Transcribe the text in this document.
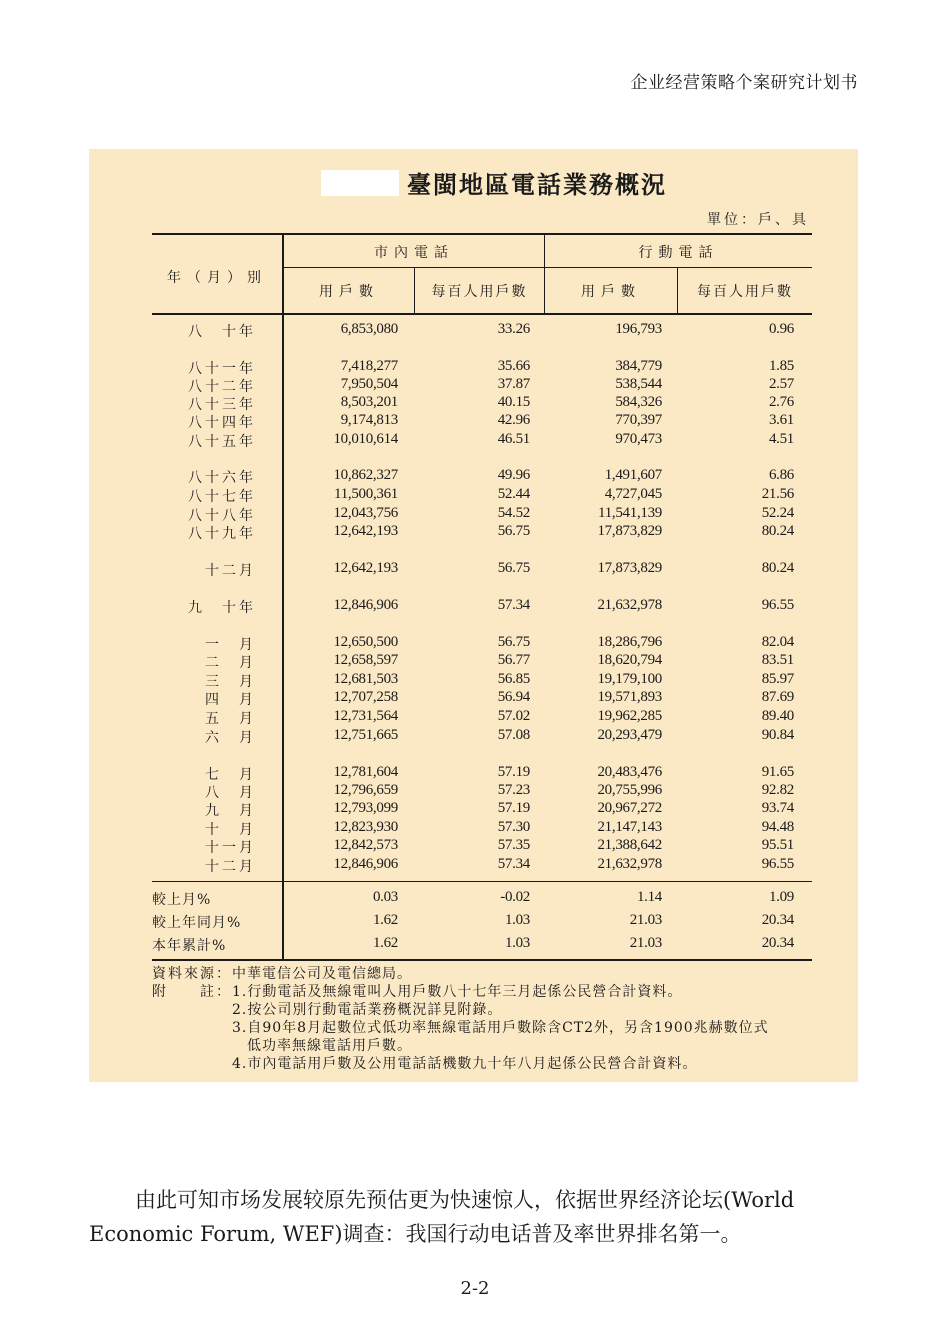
企业经营策略个案研究计划书
臺閩地區電話業務概況
單位：戶、具
年（月）別
市內電話	行動電話
用戶數	每百人用戶數	用戶數	每百人用戶數
八　十年	6,853,080	33.26	196,793	0.96
八十一年	7,418,277	35.66	384,779	1.85
八十二年	7,950,504	37.87	538,544	2.57
八十三年	8,503,201	40.15	584,326	2.76
八十四年	9,174,813	42.96	770,397	3.61
八十五年	10,010,614	46.51	970,473	4.51
八十六年	10,862,327	49.96	1,491,607	6.86
八十七年	11,500,361	52.44	4,727,045	21.56
八十八年	12,043,756	54.52	11,541,139	52.24
八十九年	12,642,193	56.75	17,873,829	80.24
十二月	12,642,193	56.75	17,873,829	80.24
九　十年	12,846,906	57.34	21,632,978	96.55
一　月	12,650,500	56.75	18,286,796	82.04
二　月	12,658,597	56.77	18,620,794	83.51
三　月	12,681,503	56.85	19,179,100	85.97
四　月	12,707,258	56.94	19,571,893	87.69
五　月	12,731,564	57.02	19,962,285	89.40
六　月	12,751,665	57.08	20,293,479	90.84
七　月	12,781,604	57.19	20,483,476	91.65
八　月	12,796,659	57.23	20,755,996	92.82
九　月	12,793,099	57.19	20,967,272	93.74
十　月	12,823,930	57.30	21,147,143	94.48
十一月	12,842,573	57.35	21,388,642	95.51
十二月	12,846,906	57.34	21,632,978	96.55
較上月%	0.03	-0.02	1.14	1.09
較上年同月%	1.62	1.03	21.03	20.34
本年累計%	1.62	1.03	21.03	20.34
資料來源： 中華電信公司及電信總局。
附　　註： 1.行動電話及無線電叫人用戶數八十七年三月起係公民營合計資料。
2.按公司別行動電話業務概況詳見附錄。
3.自90年8月起數位式低功率無線電話用戶數除含CT2外，另含1900兆赫數位式
　低功率無線電話用戶數。
4.市內電話用戶數及公用電話話機數九十年八月起係公民營合計資料。

由此可知市场发展较原先预估更为快速惊人，依据世界经济论坛(World Economic Forum, WEF)调查：我国行动电话普及率世界排名第一。

2-2
